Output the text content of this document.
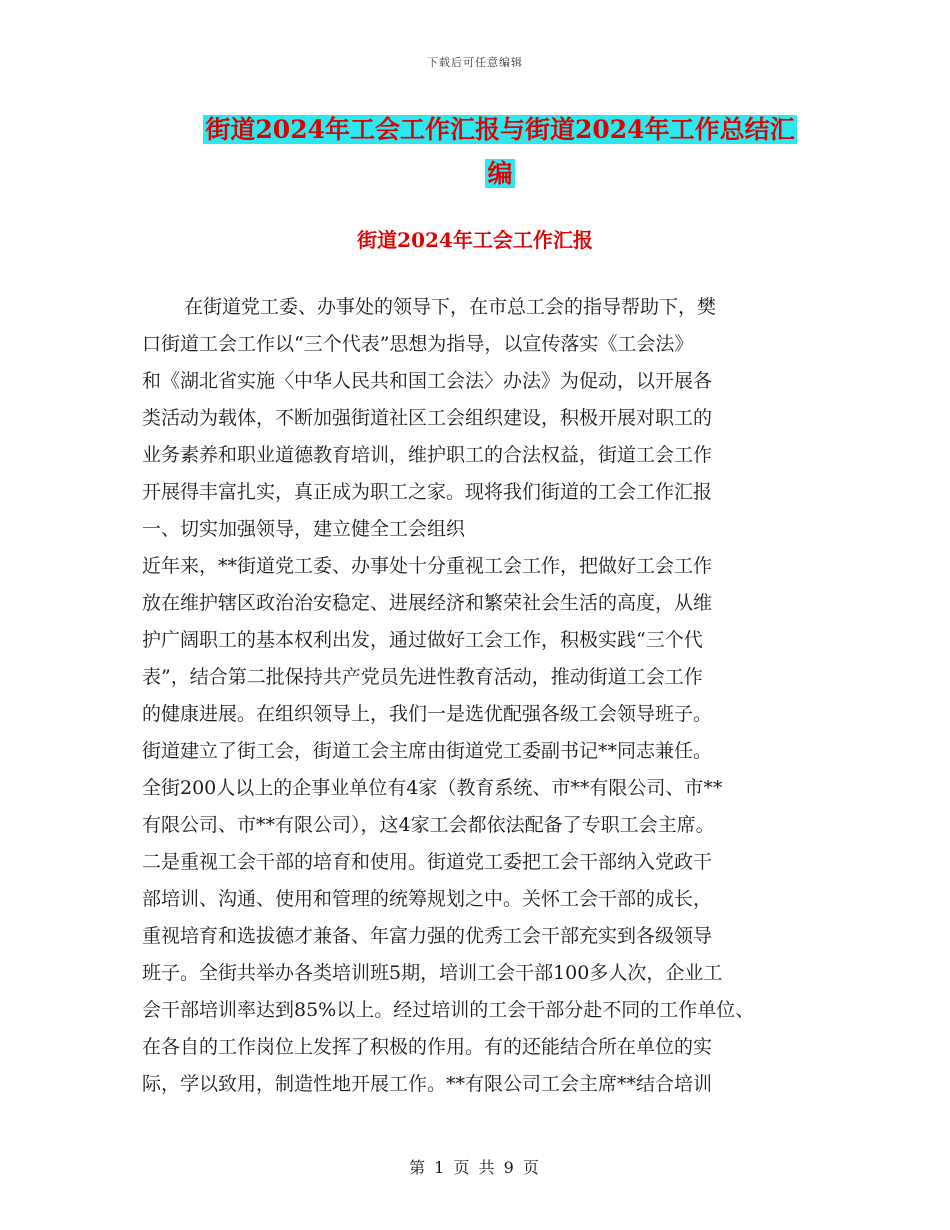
下载后可任意编辑
街道2024年工会工作汇报与街道2024年工作总结汇
编
街道2024年工会工作汇报
在街道党工委、办事处的领导下，在市总工会的指导帮助下，樊
口街道工会工作以“三个代表”思想为指导，以宣传落实《工会法》
和《湖北省实施〈中华人民共和国工会法〉办法》为促动，以开展各
类活动为载体，不断加强街道社区工会组织建设，积极开展对职工的
业务素养和职业道德教育培训，维护职工的合法权益，街道工会工作
开展得丰富扎实，真正成为职工之家。现将我们街道的工会工作汇报
一、切实加强领导，建立健全工会组织
近年来，**街道党工委、办事处十分重视工会工作，把做好工会工作
放在维护辖区政治治安稳定、进展经济和繁荣社会生活的高度，从维
护广阔职工的基本权利出发，通过做好工会工作，积极实践“三个代
表”，结合第二批保持共产党员先进性教育活动，推动街道工会工作
的健康进展。在组织领导上，我们一是选优配强各级工会领导班子。
街道建立了街工会，街道工会主席由街道党工委副书记**同志兼任。
全街200人以上的企事业单位有4家（教育系统、市**有限公司、市**
有限公司、市**有限公司），这4家工会都依法配备了专职工会主席。
二是重视工会干部的培育和使用。街道党工委把工会干部纳入党政干
部培训、沟通、使用和管理的统筹规划之中。关怀工会干部的成长，
重视培育和选拔德才兼备、年富力强的优秀工会干部充实到各级领导
班子。全街共举办各类培训班5期，培训工会干部100多人次，企业工
会干部培训率达到85%以上。经过培训的工会干部分赴不同的工作单位、
在各自的工作岗位上发挥了积极的作用。有的还能结合所在单位的实
际，学以致用，制造性地开展工作。**有限公司工会主席**结合培训
第 1 页 共 9 页
